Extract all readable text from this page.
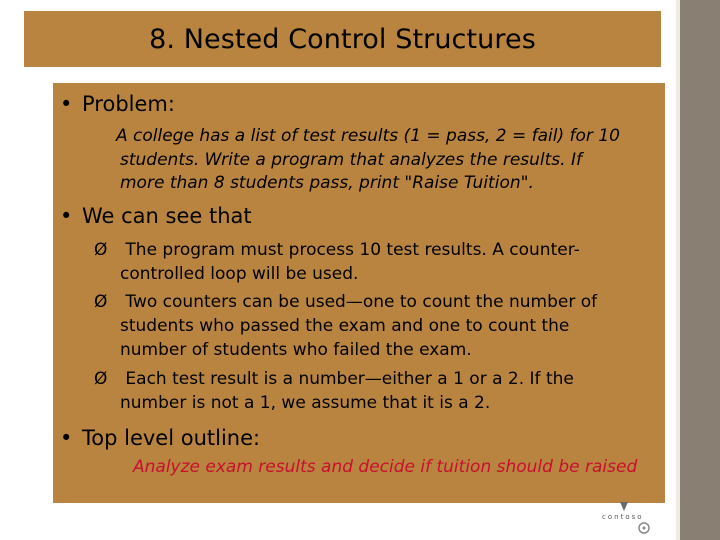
8. Nested Control Structures
• Problem:
A college has a list of test results (1 = pass, 2 = fail) for 10
students. Write a program that analyzes the results. If
more than 8 students pass, print "Raise Tuition".
• We can see that
Ø	The program must process 10 test results. A counter-
controlled loop will be used.
Ø	Two counters can be used—one to count the number of
students who passed the exam and one to count the
number of students who failed the exam.
Ø	Each test result is a number—either a 1 or a 2. If the
number is not a 1, we assume that it is a 2.
• Top level outline:
Analyze exam results and decide if tuition should be raised
contoso
